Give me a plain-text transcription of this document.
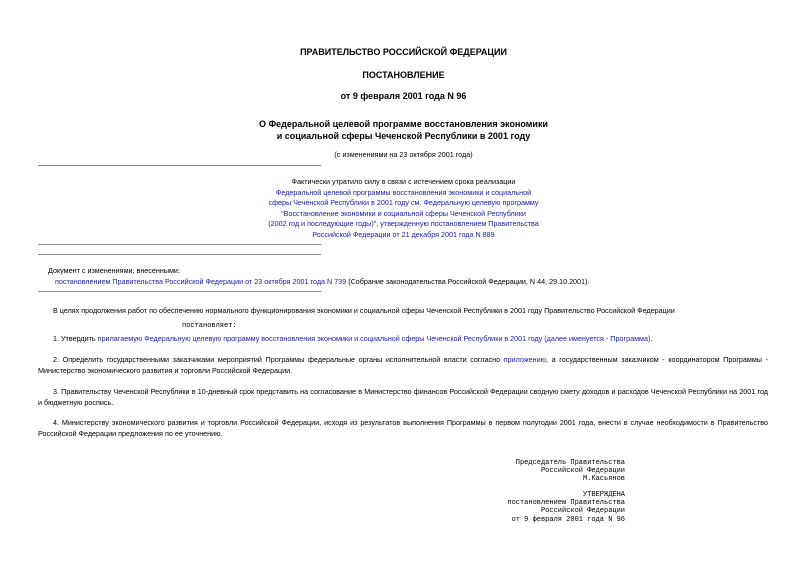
ПРАВИТЕЛЬСТВО РОССИЙСКОЙ ФЕДЕРАЦИИ
ПОСТАНОВЛЕНИЕ
от 9 февраля 2001 года N 96
О Федеральной целевой программе восстановления экономики
и социальной сферы Чеченской Республики в 2001 году
(с изменениями на 23 октября 2001 года)
Фактически утратило силу в связи с истечением срока реализации
Федеральной целевой программы восстановления экономики и социальной
сферы Чеченской Республики в 2001 году см. Федеральную целевую программу
"Восстановление экономики и социальной сферы Чеченской Республики
(2002 год и последующие годы)", утвержденную постановлением Правительства
Российской Федерации от 21 декабря 2001 года N 889
Документ с изменениями, внесенными:
постановлением Правительства Российской Федерации от 23 октября 2001 года N 739 (Собрание законодательства Российской Федерации, N 44, 29.10.2001).
В целях продолжения работ по обеспечению нормального функционирования экономики и социальной сферы Чеченской Республики в 2001 году Правительство Российской Федерации
постановляет:
1. Утвердить прилагаемую Федеральную целевую программу восстановления экономики и социальной сферы Чеченской Республики в 2001 году (далее именуется - Программа).
2. Определить государственными заказчиками мероприятий Программы федеральные органы исполнительной власти согласно приложению, а государственным заказчиком - координатором Программы - Министерство экономического развития и торговли Российской Федерации.
3. Правительству Чеченской Республики в 10-дневный срок представить на согласование в Министерство финансов Российской Федерации сводную смету доходов и расходов Чеченской Республики на 2001 год и бюджетную роспись.
4. Министерству экономического развития и торговли Российской Федерации, исходя из результатов выполнения Программы в первом полугодии 2001 года, внести в случае необходимости в Правительство Российской Федерации предложения по ее уточнению.
Председатель Правительства
Российской Федерации
М.Касьянов
УТВЕРЖДЕНА
постановлением Правительства
Российской Федерации
от 9 февраля 2001 года N 96
